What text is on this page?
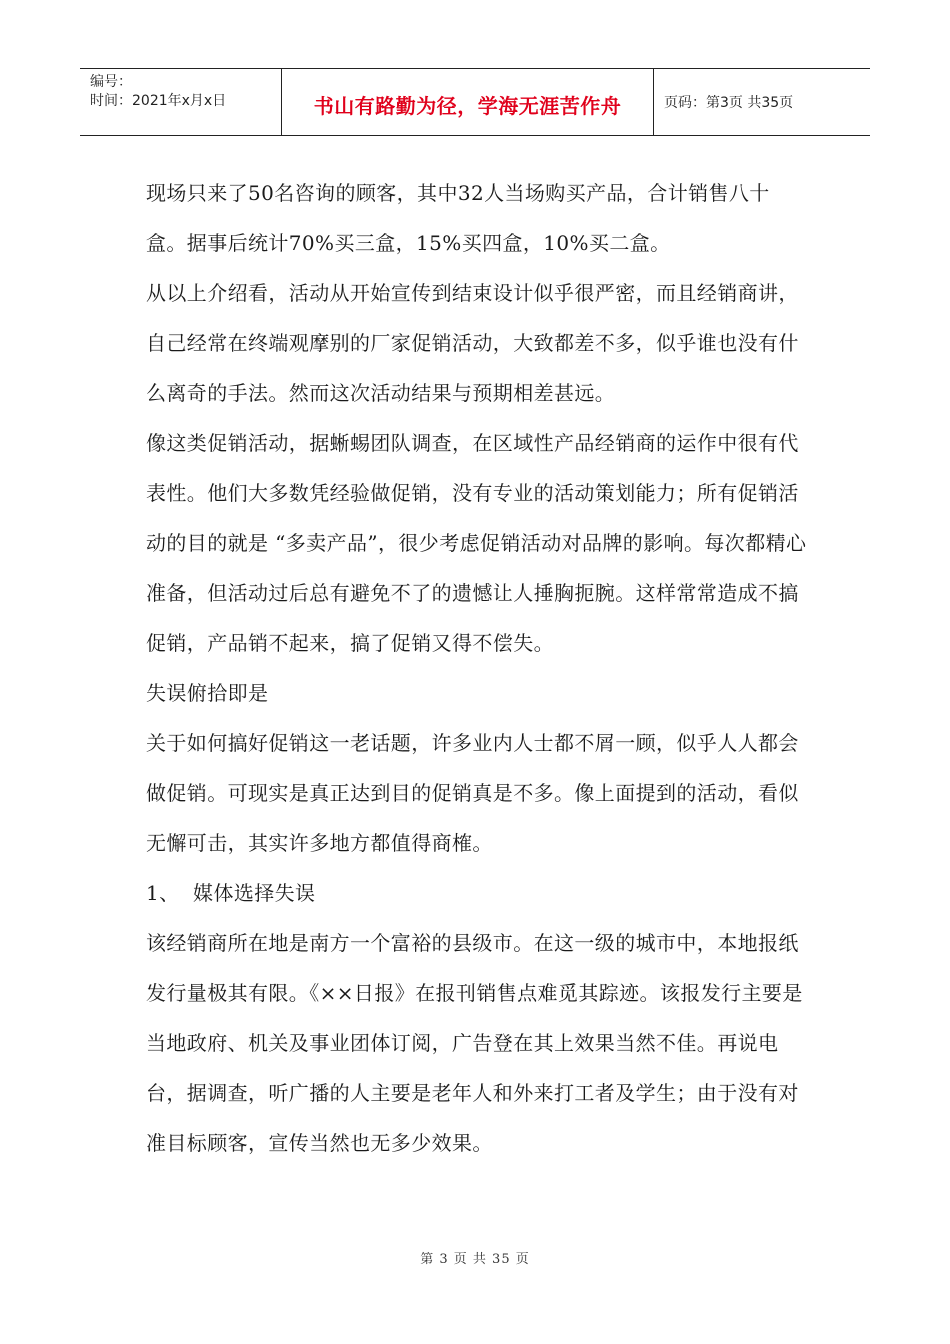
编号：
时间：2021年x月x日	书山有路勤为径，学海无涯苦作舟	页码：第3页 共35页

现场只来了50名咨询的顾客，其中32人当场购买产品，合计销售八十盒。据事后统计70%买三盒，15%买四盒，10%买二盒。

从以上介绍看，活动从开始宣传到结束设计似乎很严密，而且经销商讲，自己经常在终端观摩别的厂家促销活动，大致都差不多，似乎谁也没有什么离奇的手法。然而这次活动结果与预期相差甚远。

像这类促销活动，据蜥蜴团队调查，在区域性产品经销商的运作中很有代表性。他们大多数凭经验做促销，没有专业的活动策划能力；所有促销活动的目的就是 “多卖产品”，很少考虑促销活动对品牌的影响。每次都精心准备，但活动过后总有避免不了的遗憾让人捶胸扼腕。这样常常造成不搞促销，产品销不起来，搞了促销又得不偿失。

失误俯拾即是

关于如何搞好促销这一老话题，许多业内人士都不屑一顾，似乎人人都会做促销。可现实是真正达到目的促销真是不多。像上面提到的活动，看似无懈可击，其实许多地方都值得商榷。

1、  媒体选择失误

该经销商所在地是南方一个富裕的县级市。在这一级的城市中，本地报纸发行量极其有限。《××日报》在报刊销售点难觅其踪迹。该报发行主要是当地政府、机关及事业团体订阅，广告登在其上效果当然不佳。再说电台，据调查，听广播的人主要是老年人和外来打工者及学生；由于没有对准目标顾客，宣传当然也无多少效果。

第 3 页 共 35 页
